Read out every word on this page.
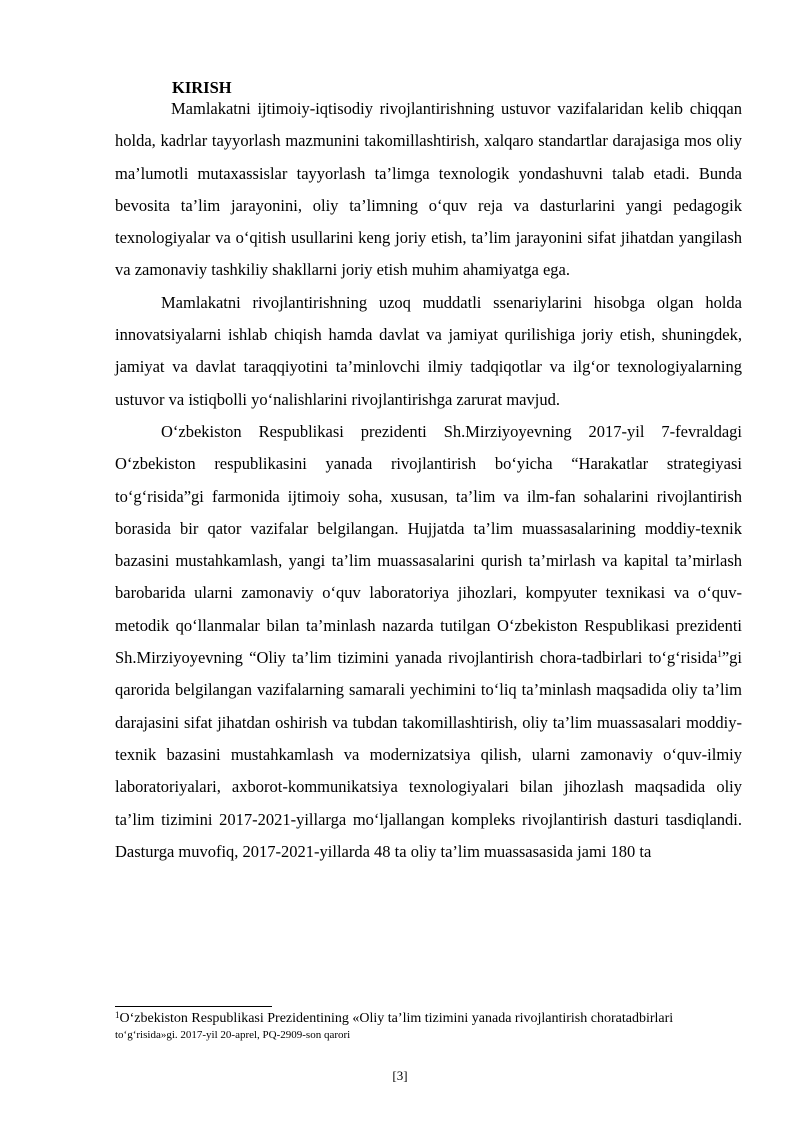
KIRISH

Mamlakatni ijtimoiy-iqtisodiy rivojlantirishning ustuvor vazifalaridan kelib chiqqan holda, kadrlar tayyorlash mazmunini takomillashtirish, xalqaro standartlar darajasiga mos oliy ma’lumotli mutaxassislar tayyorlash ta’limga texnologik yondashuvni talab etadi. Bunda bevosita ta’lim jarayonini, oliy ta’limning o‘quv reja va dasturlarini yangi pedagogik texnologiyalar va o‘qitish usullarini keng joriy etish, ta’lim jarayonini sifat jihatdan yangilash va zamonaviy tashkiliy shakllarni joriy etish muhim ahamiyatga ega.

Mamlakatni rivojlantirishning uzoq muddatli ssenariylarini hisobga olgan holda innovatsiyalarni ishlab chiqish hamda davlat va jamiyat qurilishiga joriy etish, shuningdek, jamiyat va davlat taraqqiyotini ta’minlovchi ilmiy tadqiqotlar va ilg‘or texnologiyalarning ustuvor va istiqbolli yo‘nalishlarini rivojlantirishga zarurat mavjud.

O‘zbekiston Respublikasi prezidenti Sh.Mirziyoyevning 2017-yil 7-fevraldagi O‘zbekiston respublikasini yanada rivojlantirish bo‘yicha “Harakatlar strategiyasi to‘g‘risida”gi farmonida ijtimoiy soha, xususan, ta’lim va ilm-fan sohalarini rivojlantirish borasida bir qator vazifalar belgilangan. Hujjatda ta’lim muassasalarining moddiy-texnik bazasini mustahkamlash, yangi ta’lim muassasalarini qurish ta’mirlash va kapital ta’mirlash barobarida ularni zamonaviy o‘quv laboratoriya jihozlari, kompyuter texnikasi va o‘quv-metodik qo‘llanmalar bilan ta’minlash nazarda tutilgan O‘zbekiston Respublikasi prezidenti Sh.Mirziyoyevning “Oliy ta’lim tizimini yanada rivojlantirish chora-tadbirlari to‘g‘risida$^1$”gi qarorida belgilangan vazifalarning samarali yechimini to‘liq ta’minlash maqsadida oliy ta’lim darajasini sifat jihatdan oshirish va tubdan takomillashtirish, oliy ta’lim muassasalari moddiy-texnik bazasini mustahkamlash va modernizatsiya qilish, ularni zamonaviy o‘quv-ilmiy laboratoriyalari, axborot-kommunikatsiya texnologiyalari bilan jihozlash maqsadida oliy ta’lim tizimini 2017-2021-yillarga mo‘ljallangan kompleks rivojlantirish dasturi tasdiqlandi. Dasturga muvofiq, 2017-2021-yillarda 48 ta oliy ta’lim muassasasida jami 180 ta

$^1$O‘zbekiston Respublikasi Prezidentining «Oliy ta’lim tizimini yanada rivojlantirish choratadbirlari
to‘g‘risida»gi. 2017-yil 20-aprel, PQ-2909-son qarori
[3]
